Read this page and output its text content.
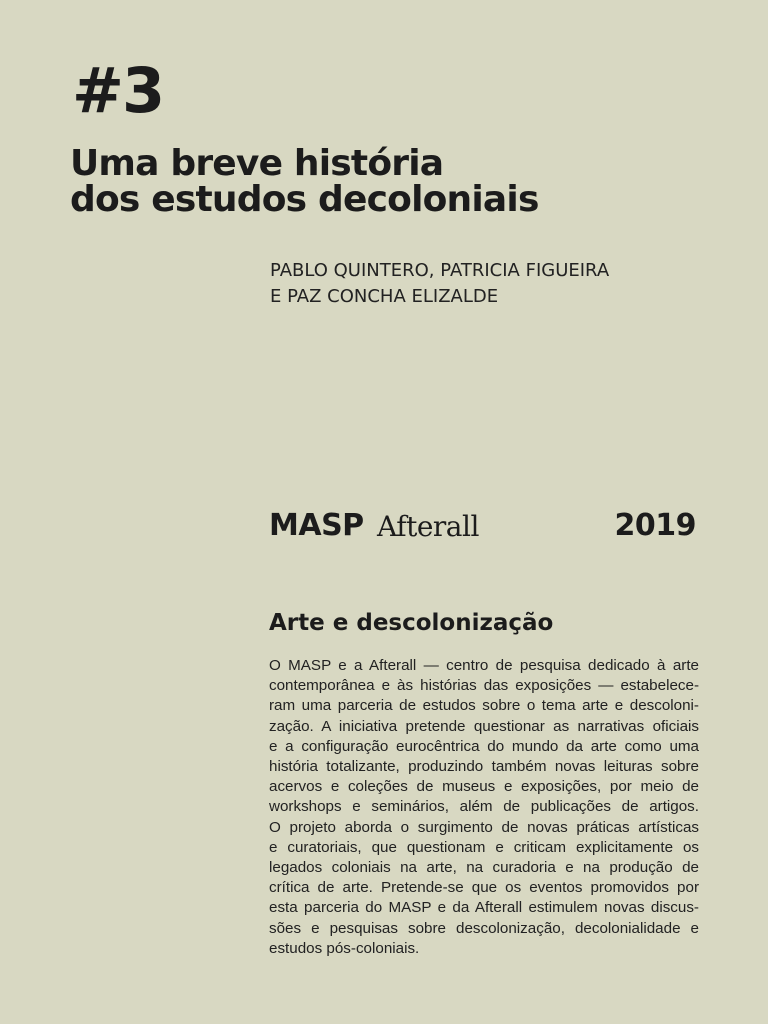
#3
Uma breve história
dos estudos decoloniais

PABLO QUINTERO, PATRICIA FIGUEIRA
E PAZ CONCHA ELIZALDE

MASP Afterall	2019
Arte e descolonização
O MASP e a Afterall — centro de pesquisa dedicado à arte
contemporânea e às histórias das exposições — estabelece-
ram uma parceria de estudos sobre o tema arte e descoloni-
zação. A iniciativa pretende questionar as narrativas oficiais
e a configuração eurocêntrica do mundo da arte como uma
história totalizante, produzindo também novas leituras sobre
acervos e coleções de museus e exposições, por meio de
workshops e seminários, além de publicações de artigos.
O projeto aborda o surgimento de novas práticas artísticas
e curatoriais, que questionam e criticam explicitamente os
legados coloniais na arte, na curadoria e na produção de
crítica de arte. Pretende-se que os eventos promovidos por
esta parceria do MASP e da Afterall estimulem novas discus-
sões e pesquisas sobre descolonização, decolonialidade e
estudos pós-coloniais.
